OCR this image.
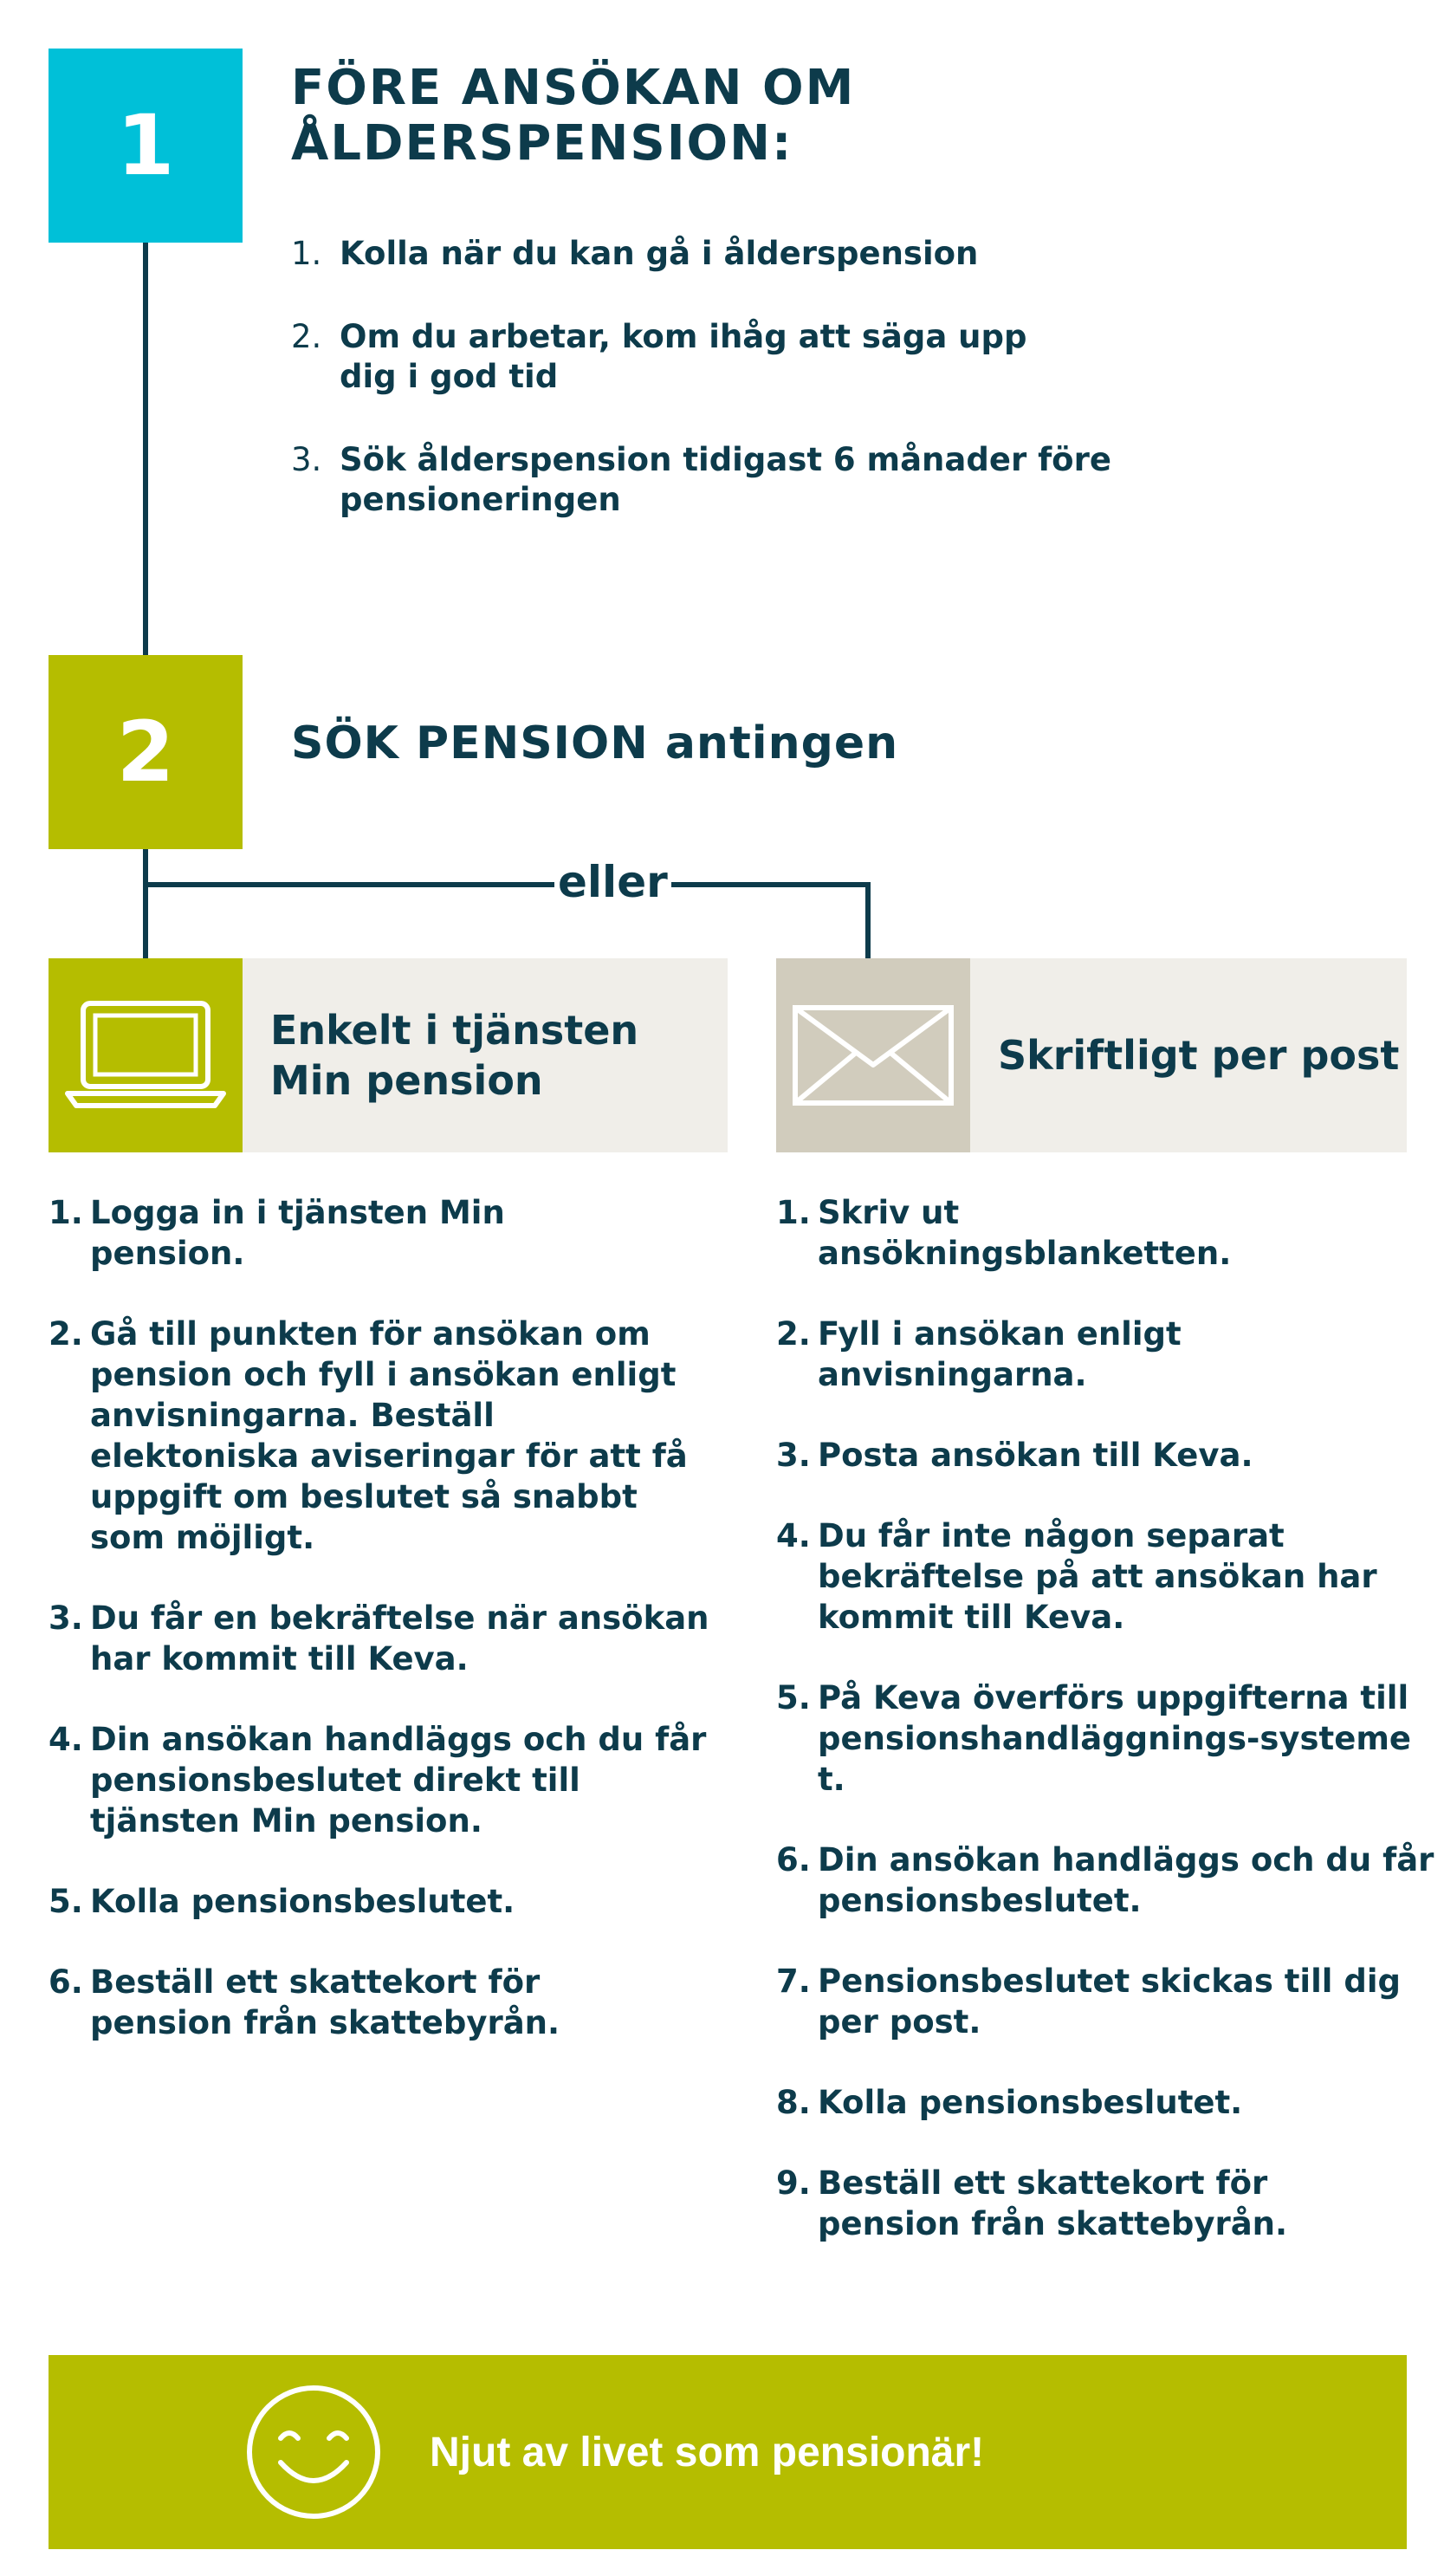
1
FÖRE ANSÖKAN OM
ÅLDERSPENSION:
1. Kolla när du kan gå i ålderspension
2. Om du arbetar, kom ihåg att säga upp dig i god tid
3. Sök ålderspension tidigast 6 månader före pensioneringen
2	SÖK PENSION antingen
eller
Enkelt i tjänsten Min pension
Skriftligt per post
1. Logga in i tjänsten Min pension.
2. Gå till punkten för ansökan om pension och fyll i ansökan enligt anvisningarna. Beställ elektoniska aviseringar för att få uppgift om beslutet så snabbt som möjligt.
3. Du får en bekräftelse när ansökan har kommit till Keva.
4. Din ansökan handläggs och du får pensionsbeslutet direkt till tjänsten Min pension.
5. Kolla pensionsbeslutet.
6. Beställ ett skattekort för pension från skattebyrån.
1. Skriv ut ansökningsblanketten.
2. Fyll i ansökan enligt anvisningarna.
3. Posta ansökan till Keva.
4. Du får inte någon separat bekräftelse på att ansökan har kommit till Keva.
5. På Keva överförs uppgifterna till pensionshandläggnings-systemet.
6. Din ansökan handläggs och du får pensionsbeslutet.
7. Pensionsbeslutet skickas till dig per post.
8. Kolla pensionsbeslutet.
9. Beställ ett skattekort för pension från skattebyrån.
Njut av livet som pensionär!
